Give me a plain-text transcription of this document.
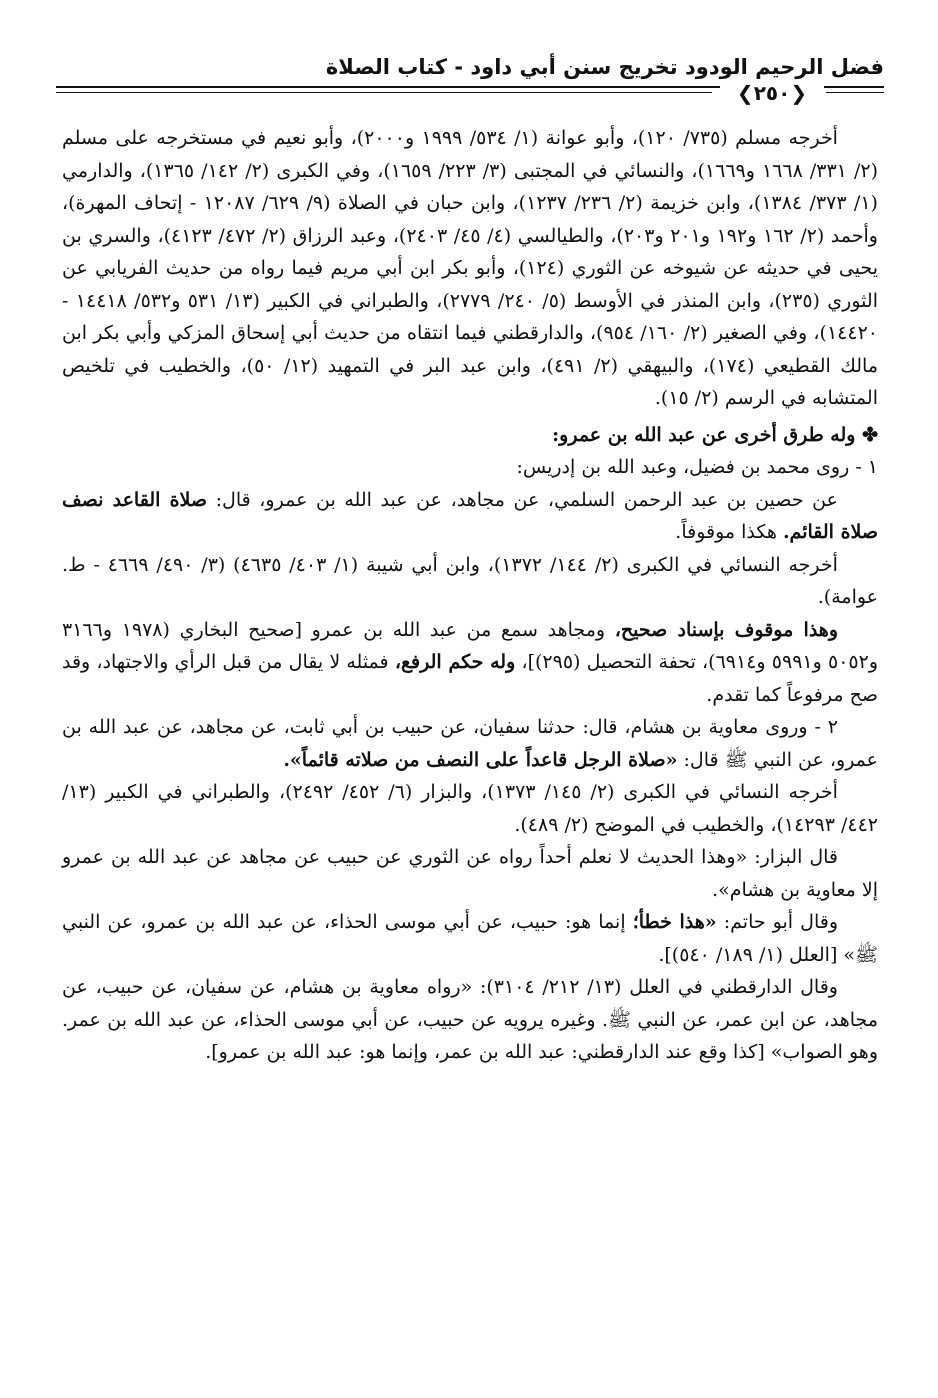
فضل الرحيم الودود تخريج سنن أبي داود - كتاب الصلاة
❮٢٥٠❯

أخرجه مسلم (٧٣٥/ ١٢٠)، وأبو عوانة (١/ ٥٣٤/ ١٩٩٩ و٢٠٠٠)، وأبو نعيم في مستخرجه على مسلم (٢/ ٣٣١/ ١٦٦٨ و١٦٦٩)، والنسائي في المجتبى (٣/ ٢٢٣/ ١٦٥٩)، وفي الكبرى (٢/ ١٤٢/ ١٣٦٥)، والدارمي (١/ ٣٧٣/ ١٣٨٤)، وابن خزيمة (٢/ ٢٣٦/ ١٢٣٧)، وابن حبان في الصلاة (٩/ ٦٢٩/ ١٢٠٨٧ - إتحاف المهرة)، وأحمد (٢/ ١٦٢ و١٩٢ و٢٠١ و٢٠٣)، والطيالسي (٤/ ٤٥/ ٢٤٠٣)، وعبد الرزاق (٢/ ٤٧٢/ ٤١٢٣)، والسري بن يحيى في حديثه عن شيوخه عن الثوري (١٢٤)، وأبو بكر ابن أبي مريم فيما رواه من حديث الفريابي عن الثوري (٢٣٥)، وابن المنذر في الأوسط (٥/ ٢٤٠/ ٢٧٧٩)، والطبراني في الكبير (١٣/ ٥٣١ و٥٣٢/ ١٤٤١٨ - ١٤٤٢٠)، وفي الصغير (٢/ ١٦٠/ ٩٥٤)، والدارقطني فيما انتقاه من حديث أبي إسحاق المزكي وأبي بكر ابن مالك القطيعي (١٧٤)، والبيهقي (٢/ ٤٩١)، وابن عبد البر في التمهيد (١٢/ ٥٠)، والخطيب في تلخيص المتشابه في الرسم (٢/ ١٥).

✤ وله طرق أخرى عن عبد الله بن عمرو:

١ - روى محمد بن فضيل، وعبد الله بن إدريس:

عن حصين بن عبد الرحمن السلمي، عن مجاهد، عن عبد الله بن عمرو، قال: صلاة القاعد نصف صلاة القائم. هكذا موقوفاً.

أخرجه النسائي في الكبرى (٢/ ١٤٤/ ١٣٧٢)، وابن أبي شيبة (١/ ٤٠٣/ ٤٦٣٥) (٣/ ٤٩٠/ ٤٦٦٩ - ط. عوامة).

وهذا موقوف بإسناد صحيح، ومجاهد سمع من عبد الله بن عمرو [صحيح البخاري (١٩٧٨ و٣١٦٦ و٥٠٥٢ و٥٩٩١ و٦٩١٤)، تحفة التحصيل (٢٩٥)]، وله حكم الرفع، فمثله لا يقال من قبل الرأي والاجتهاد، وقد صح مرفوعاً كما تقدم.

٢ - وروى معاوية بن هشام، قال: حدثنا سفيان، عن حبيب بن أبي ثابت، عن مجاهد، عن عبد الله بن عمرو، عن النبي ﷺ قال: «صلاة الرجل قاعداً على النصف من صلاته قائماً».

أخرجه النسائي في الكبرى (٢/ ١٤٥/ ١٣٧٣)، والبزار (٦/ ٤٥٢/ ٢٤٩٢)، والطبراني في الكبير (١٣/ ٤٤٢/ ١٤٢٩٣)، والخطيب في الموضح (٢/ ٤٨٩).

قال البزار: «وهذا الحديث لا نعلم أحداً رواه عن الثوري عن حبيب عن مجاهد عن عبد الله بن عمرو إلا معاوية بن هشام».

وقال أبو حاتم: «هذا خطأ؛ إنما هو: حبيب، عن أبي موسى الحذاء، عن عبد الله بن عمرو، عن النبي ﷺ» [العلل (١/ ١٨٩/ ٥٤٠)].

وقال الدارقطني في العلل (١٣/ ٢١٢/ ٣١٠٤): «رواه معاوية بن هشام، عن سفيان، عن حبيب، عن مجاهد، عن ابن عمر، عن النبي ﷺ. وغيره يرويه عن حبيب، عن أبي موسى الحذاء، عن عبد الله بن عمر. وهو الصواب» [كذا وقع عند الدارقطني: عبد الله بن عمر، وإنما هو: عبد الله بن عمرو].
